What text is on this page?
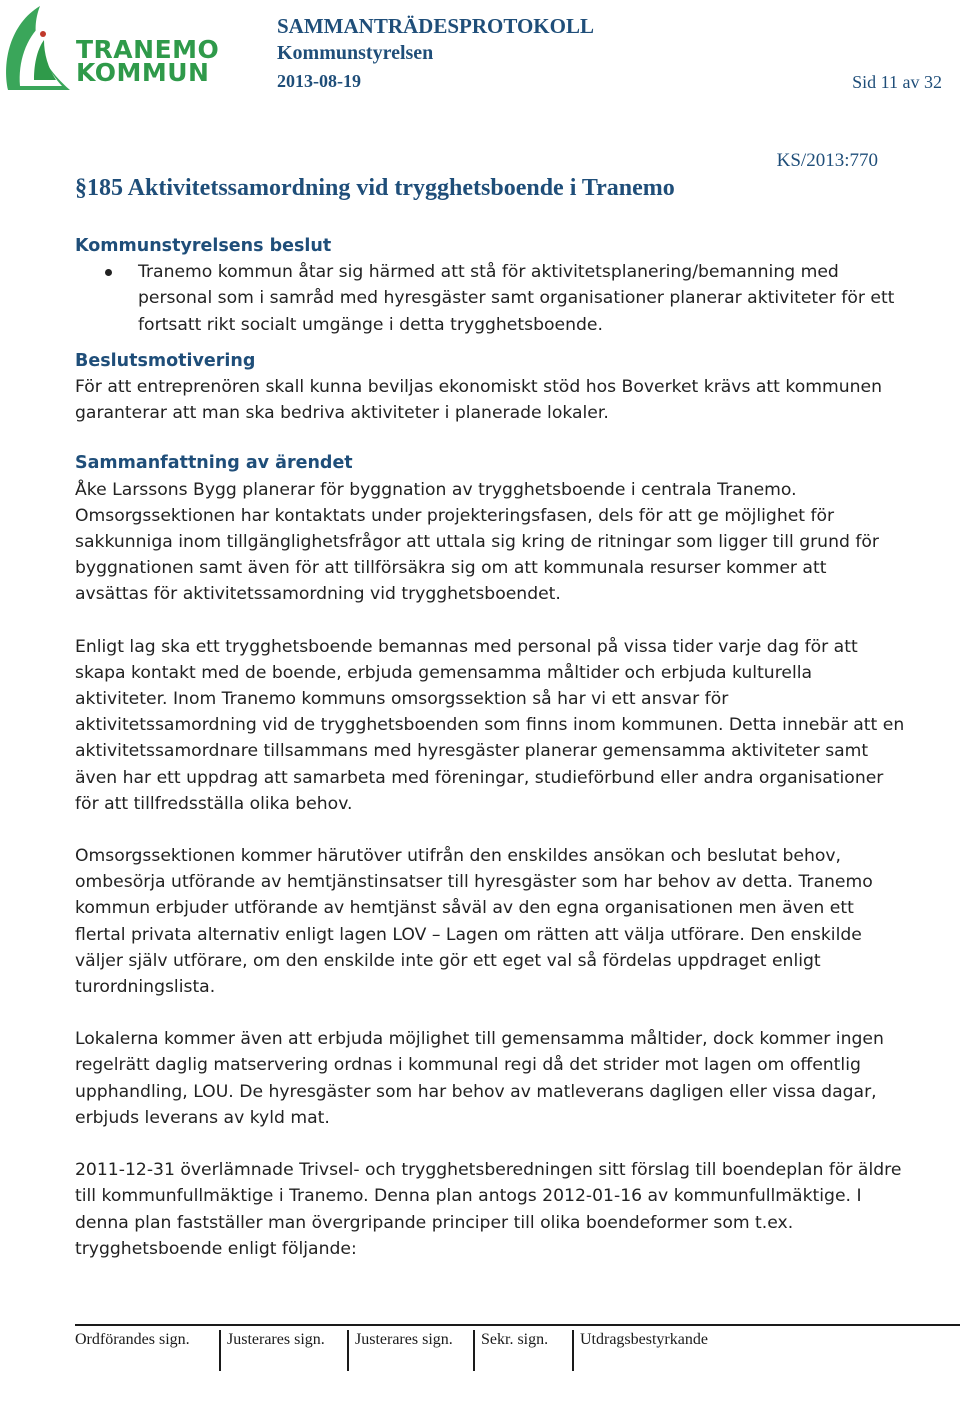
TRANEMO
KOMMUN
SAMMANTRÄDESPROTOKOLL
Kommunstyrelsen
2013-08-19	Sid 11 av 32
KS/2013:770
§185 Aktivitetssamordning vid trygghetsboende i Tranemo
Kommunstyrelsens beslut
Tranemo kommun åtar sig härmed att stå för aktivitetsplanering/bemanning med personal som i samråd med hyresgäster samt organisationer planerar aktiviteter för ett fortsatt rikt socialt umgänge i detta trygghetsboende.
Beslutsmotivering

För att entreprenören skall kunna beviljas ekonomiskt stöd hos Boverket krävs att kommunen garanterar att man ska bedriva aktiviteter i planerade lokaler.

Sammanfattning av ärendet

Åke Larssons Bygg planerar för byggnation av trygghetsboende i centrala Tranemo.

Omsorgssektionen har kontaktats under projekteringsfasen, dels för att ge möjlighet för sakkunniga inom tillgänglighetsfrågor att uttala sig kring de ritningar som ligger till grund för byggnationen samt även för att tillförsäkra sig om att kommunala resurser kommer att avsättas för aktivitetssamordning vid trygghetsboendet.

Enligt lag ska ett trygghetsboende bemannas med personal på vissa tider varje dag för att skapa kontakt med de boende, erbjuda gemensamma måltider och erbjuda kulturella aktiviteter. Inom Tranemo kommuns omsorgssektion så har vi ett ansvar för aktivitetssamordning vid de trygghetsboenden som finns inom kommunen. Detta innebär att en aktivitetssamordnare tillsammans med hyresgäster planerar gemensamma aktiviteter samt även har ett uppdrag att samarbeta med föreningar, studieförbund eller andra organisationer för att tillfredsställa olika behov.

Omsorgssektionen kommer härutöver utifrån den enskildes ansökan och beslutat behov, ombesörja utförande av hemtjänstinsatser till hyresgäster som har behov av detta. Tranemo kommun erbjuder utförande av hemtjänst såväl av den egna organisationen men även ett flertal privata alternativ enligt lagen LOV – Lagen om rätten att välja utförare. Den enskilde väljer själv utförare, om den enskilde inte gör ett eget val så fördelas uppdraget enligt turordningslista.

Lokalerna kommer även att erbjuda möjlighet till gemensamma måltider, dock kommer ingen regelrätt daglig matservering ordnas i kommunal regi då det strider mot lagen om offentlig upphandling, LOU. De hyresgäster som har behov av matleverans dagligen eller vissa dagar, erbjuds leverans av kyld mat.

2011-12-31 överlämnade Trivsel- och trygghetsberedningen sitt förslag till boendeplan för äldre till kommunfullmäktige i Tranemo. Denna plan antogs 2012-01-16 av kommunfullmäktige. I denna plan fastställer man övergripande principer till olika boendeformer som t.ex. trygghetsboende enligt följande:

Ordförandes sign.	Justerares sign.	Justerares sign.	Sekr. sign.	Utdragsbestyrkande
